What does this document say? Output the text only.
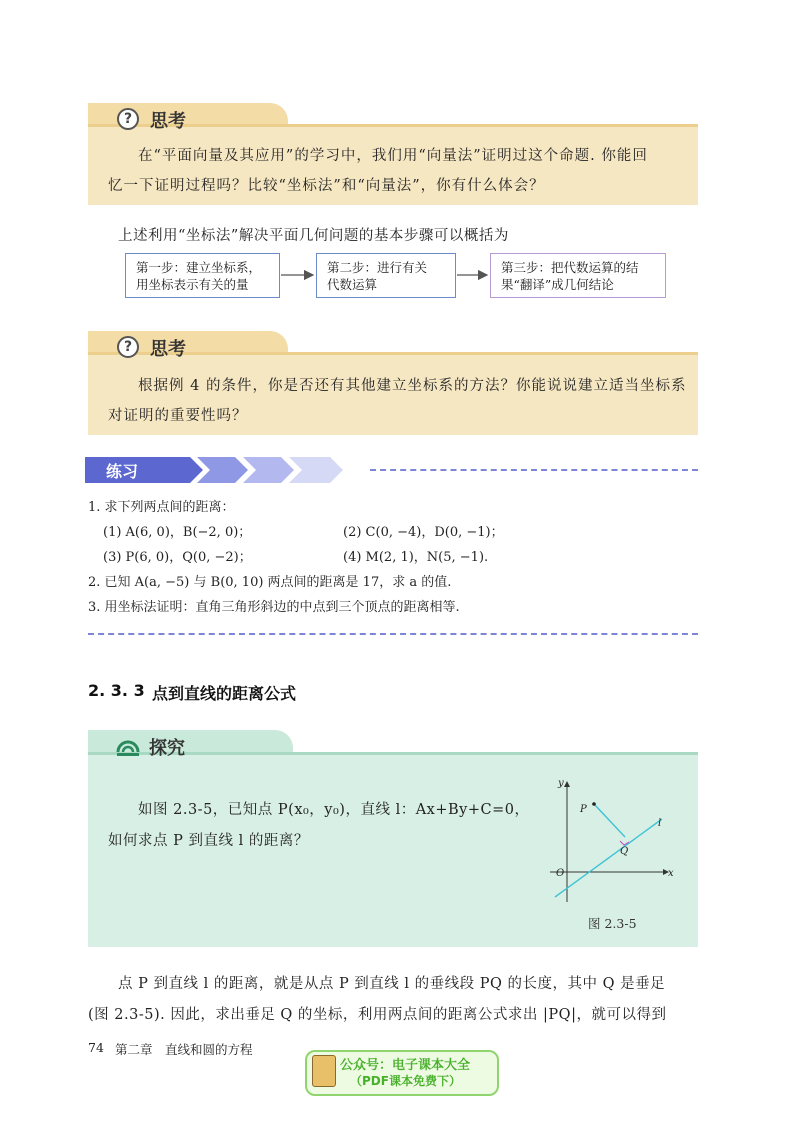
? 思考
在“平面向量及其应用”的学习中，我们用“向量法”证明过这个命题. 你能回
忆一下证明过程吗？比较“坐标法”和“向量法”，你有什么体会？
上述利用“坐标法”解决平面几何问题的基本步骤可以概括为
第一步：建立坐标系，
用坐标表示有关的量
第二步：进行有关
代数运算
第三步：把代数运算的结
果“翻译”成几何结论
? 思考
根据例 4 的条件，你是否还有其他建立坐标系的方法？你能说说建立适当坐标系
对证明的重要性吗？
练习
1. 求下列两点间的距离：
(1) A(6, 0)，B(−2, 0)；	(2) C(0, −4)，D(0, −1)；
(3) P(6, 0)，Q(0, −2)；	(4) M(2, 1)，N(5, −1).
2. 已知 A(a, −5) 与 B(0, 10) 两点间的距离是 17，求 a 的值.
3. 用坐标法证明：直角三角形斜边的中点到三个顶点的距离相等.
2. 3. 3 点到直线的距离公式
探究
如图 2.3-5，已知点 P(x₀，y₀)，直线 l：Ax+By+C=0，
如何求点 P 到直线 l 的距离？
y
x
O
P
Q
l
图 2.3-5
点 P 到直线 l 的距离，就是从点 P 到直线 l 的垂线段 PQ 的长度，其中 Q 是垂足
(图 2.3-5). 因此，求出垂足 Q 的坐标，利用两点间的距离公式求出 |PQ|，就可以得到
74 第二章　直线和圆的方程
公众号：电子课本大全
（PDF课本免费下）
